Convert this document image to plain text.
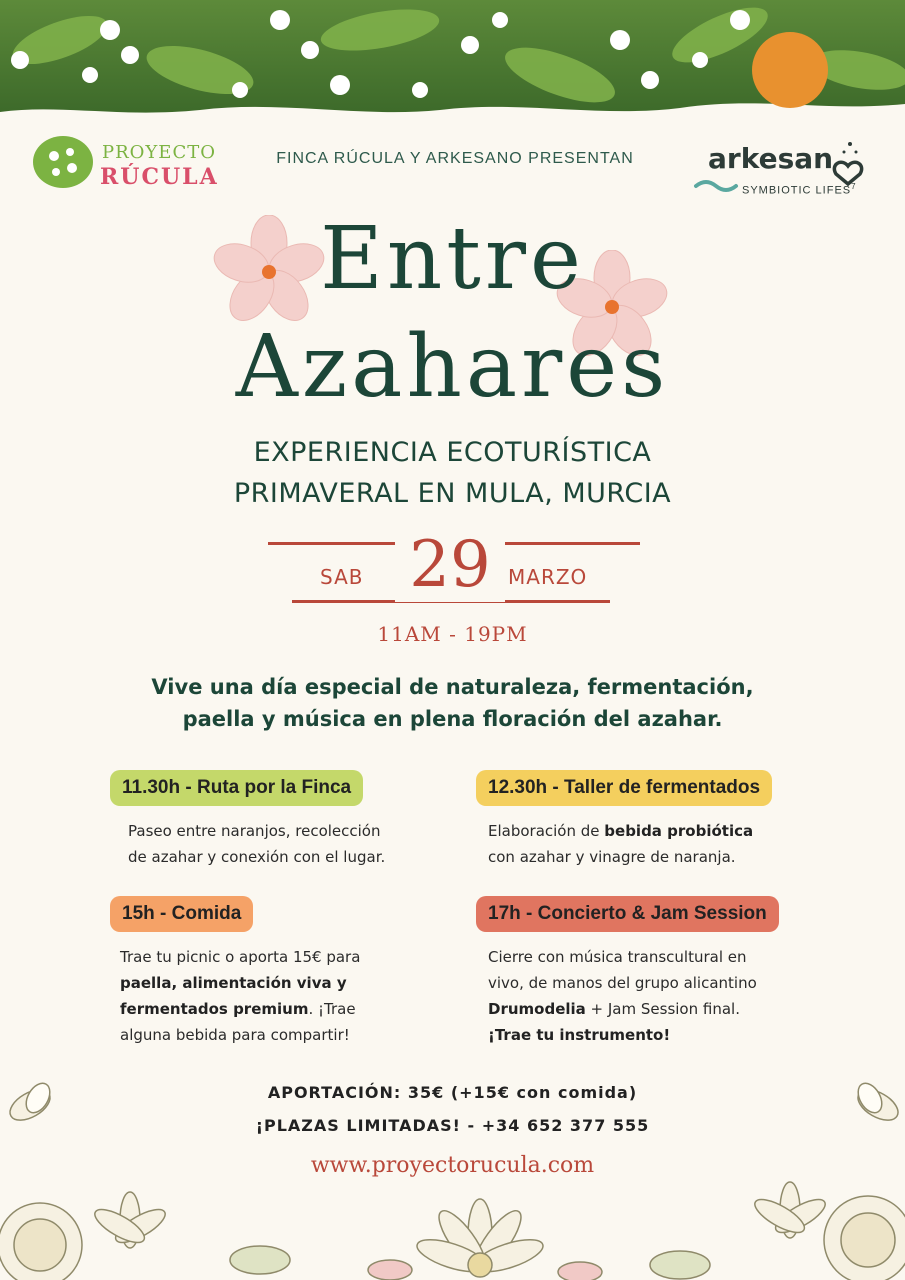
PROYECTO
RÚCULA
FINCA RÚCULA Y ARKESANO PRESENTAN	arkesan
SYMBIOTIC LIFES$^7$
Entre
Azahares
EXPERIENCIA ECOTURÍSTICA
PRIMAVERAL EN MULA, MURCIA
SAB 29 MARZO
11AM - 19PM
Vive una día especial de naturaleza, fermentación,
paella y música en plena floración del azahar.
11.30h - Ruta por la Finca
Paseo entre naranjos, recolección
de azahar y conexión con el lugar.
12.30h - Taller de fermentados
Elaboración de bebida probiótica
con azahar y vinagre de naranja.
15h - Comida
Trae tu picnic o aporta 15€ para
paella, alimentación viva y
fermentados premium. ¡Trae
alguna bebida para compartir!
17h - Concierto & Jam Session
Cierre con música transcultural en
vivo, de manos del grupo alicantino
Drumodelia + Jam Session final.
¡Trae tu instrumento!
APORTACIÓN: 35€ (+15€ con comida)
¡PLAZAS LIMITADAS! - +34 652 377 555
www.proyectorucula.com
